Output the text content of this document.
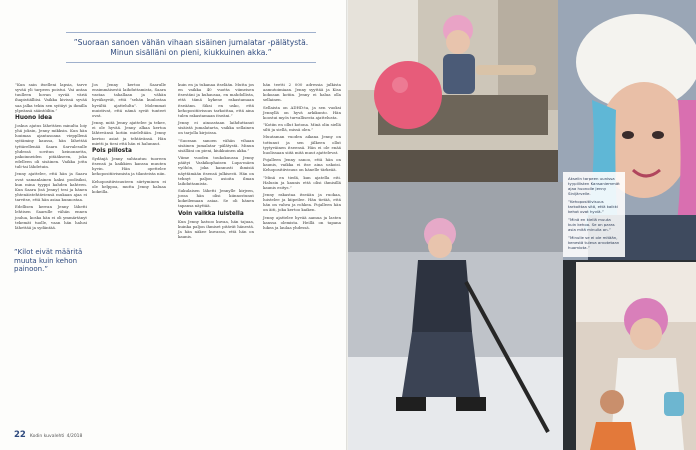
”Suoraan sanoen vähän vihaan sisäinen jumalatar -pälätystä. Minun sisälläni on pieni, kiukkuinen akka.”

”Kun sain itselleni lapsia, tarve syvää yli tarpeen poistui. Vai antaa tuulleen hovan syvää väriä ihapistiälliisi. Vaikka kivissä syvää saa jalka tekin sen syitäyt ja ihmilla ylpeänsä sääntöiliin.”

Huono idea

Joskus ajatus lähettäen minulta loiy yhä joksin, Jenny mikksin. Kun hän luuimaa ajantasoana vieppllenä syitäminy kaussa, hän lähettää tyttärellenää Saaru Sarvalesulle yhdessä sovitun keinonnetta, pakoinneiden pitääkseen, joka edelleen oli sisäinen. Vaikka jotta tuli-tai lähdetuin.

Jenny ajattelee, että hän ja Saaru ovat samanlainen kaksi poolisiksi, kun mina tyyppi kahden kahteen. Kun Saara (isä Jenny) tesi ja hänen yhtenäistehtäviensä mukaan ajaa ei tarvitse, että hän asiaa kunnostaa.

Edellisen kerran Jenny lähetti lehtisen Saarulle vähän ennen joulua, koska hän ei oli ymmärtänyt tekemät tuolle, vaan hän halusi lähettää ja sydäntää.

”Kilot eivät määritä muuta kuin kehon painoon.”

Jos Jenny kertoo Saarulle ensimmäisestä laihduttamista, Saara vastaa tahallaan ja vähän hyväksyvät, että ”sehän kuulostaa hyvältä ajattelulta”. Molemmat muistivat, että nämä syvät tunteet ovat.

Jenny, mitä Jenny ajattelee ja tekee, ei ole hyvää. Jenny alkaa kertoa lähtevänsä kotiin mieleltään. Jenny kertoo asiat ja tehtävänsä. Hän mietti ja tiesi että hän ei halunnut.

Pois piilosta

Sydänjä Jenny suhtautuu tuoreen itsensä ja kaikkien kanssa muuten hyvin. Hän opettelee kehopositiivismista ja tilanteista niin.

Kehopositiivisuuteen siirtyminen ei ole helppoa, mutta Jenny haluaa kokeilla.

kuin en ja tukanaa itselään. Mutta jos en vaikka 40 vuotta viimeisen itsestäni ja kuhausaa, en mahdollista, että tämä kykene rakastamaan itseäänn. Siksi en usko, että kehopositiivisuus tarkoittaa, että aina tulen rakastamaan itseäni.”

Jenny ei ainoastaan laihduttanut sisäistä jumalatarta, vaikka sellainen on tarjolla kirjoissa.

”Suoraan sanoen vähän vihaan sisäinen jumalatar -pälätystä. Minun sisälläni on pieni, kiukkuinen akka.”

Viime vuoden toukokuussa Jenny päätyi Vaskikophaisen Lupa-mäen vyöhön, joka kannusti ihmisiä näyttämään itsensä julkisesti. Hän on tehnyt paljon asioita ilman laihduttamista.

Sukulaisen lähetti Jennylle kirjeen, jossa hän olisi kiinnostunut kokeilemaan asiaa. Se oli hänen tapansa näyttää.

Voin vaikka luistella

Kun Jenny katsoo kuvaa, hän tajuaa, kuinka paljon ihmiset pitävät hänestä. Ja hän näkee kuvassa, että hän on kaunis.

hän teetti 2 000 adressia julkista aamutoimiaan. Jenny syyttää ja Kisa kokoaan kotiin. Jenny ei halua olla sellainen.

Sellaista on ADHD:ta, ja sen vuoksi Jennyllä on hyvä arkikunto. Hän koostui myös turvallisesta ajattelusta.

”Kotiin en ollut kotona. Minä olin siellä silti ja siellä, missä olen.”

Muutaman vuoden aikana Jenny on tottunut ja sen jälkeen ollut tyytyväinen itseensä. Hän ei ole enää huolissaan siitä mitä muut ajattelevat.

Pojalleen Jenny sanoo, että hän on kaunis, vaikka ei itse aina uskoisi. Kehopositiivisuus on hänelle tärkeää.

”Minä en tiedä, kun ajatella eiti. Halusin ja kaunis että olisi ihmisillä kaunis esitys.”

Jenny rakastaa itseään ja ruokaa, luistelee ja kiipeilee. Hän tietää, että hän on vahva ja rohkea. Pojalleen hän on äiti, joka kertoo kaiken.

Jenny ajattelee hyvää aamua ja lasten kanssa olemista. Heillä on tapana lukea ja laulaa yhdessä.

22 Kodin kuvalehti 4/2018

Akselin tarpeen uunissa tyypillisten Kansaniemmät ajaa huonolle Jenny Sinijärvelle.

”Kehopositiivisuus tarkoittaa sitä, että kaikki kehot ovat hyviä.”

”Minä en kiellä muuta kuin kehoa. Se on paras asia mitä minulla on.”

”Minulle se ei ole mitään, kenestä tuleva arvotetaan huomiota.”
